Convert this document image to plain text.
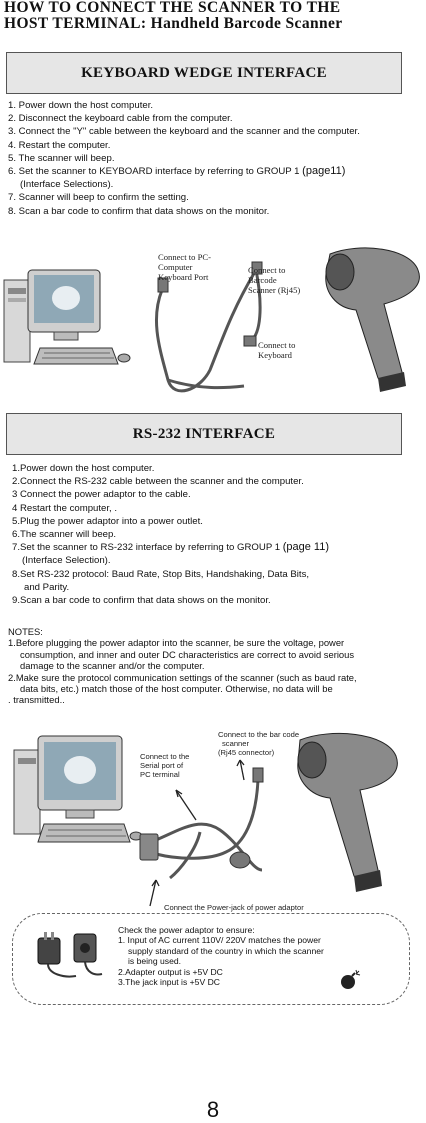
HOW TO CONNECT THE SCANNER TO THE
HOST TERMINAL: Handheld Barcode Scanner
KEYBOARD WEDGE INTERFACE
1. Power down the host computer.
2. Disconnect the keyboard cable from the computer.
3. Connect the "Y" cable between the keyboard and the scanner and the computer.
4. Restart the computer.
5. The scanner will beep.
6. Set the scanner to KEYBOARD interface by referring to GROUP 1 (page11)
(Interface Selections).
7. Scanner will beep to confirm the setting.
8. Scan a bar code to confirm that data shows on the monitor.
Connect to PC-
Computer
Keyboard Port
Connect to
Barcode
Scanner (Rj45)
Connect to
Keyboard
RS-232 INTERFACE
1.Power down the host computer.
2.Connect the RS-232 cable between the scanner and the computer.
3 Connect the power adaptor to the cable.
4 Restart the computer, .
5.Plug the power adaptor into a power outlet.
6.The scanner will beep.
7.Set the scanner to RS-232 interface by referring to GROUP 1 (page 11)
(Interface Selection).
8.Set RS-232 protocol: Baud Rate, Stop Bits, Handshaking, Data Bits,
and Parity.
9.Scan a bar code to confirm that data shows on the monitor.
NOTES:
1.Before plugging the power adaptor into the scanner, be sure the voltage, power
consumption, and inner and outer DC characteristics are correct to avoid serious
damage to the scanner and/or the computer.
2.Make sure the protocol communication settings of the scanner (such as baud rate,
data bits, etc.) match those of the host computer. Otherwise, no data will be
. transmitted..
Connect to the
Serial port of
PC terminal
Connect to the bar code
scanner
(Rj45 connector)
Connect the Power-jack of power adaptor
Check the power adaptor to ensure:
1. Input of AC current 110V/ 220V matches the power
supply standard of the country in which the scanner
is being used.
2.Adapter output is +5V DC
3.The jack input is +5V DC
8
